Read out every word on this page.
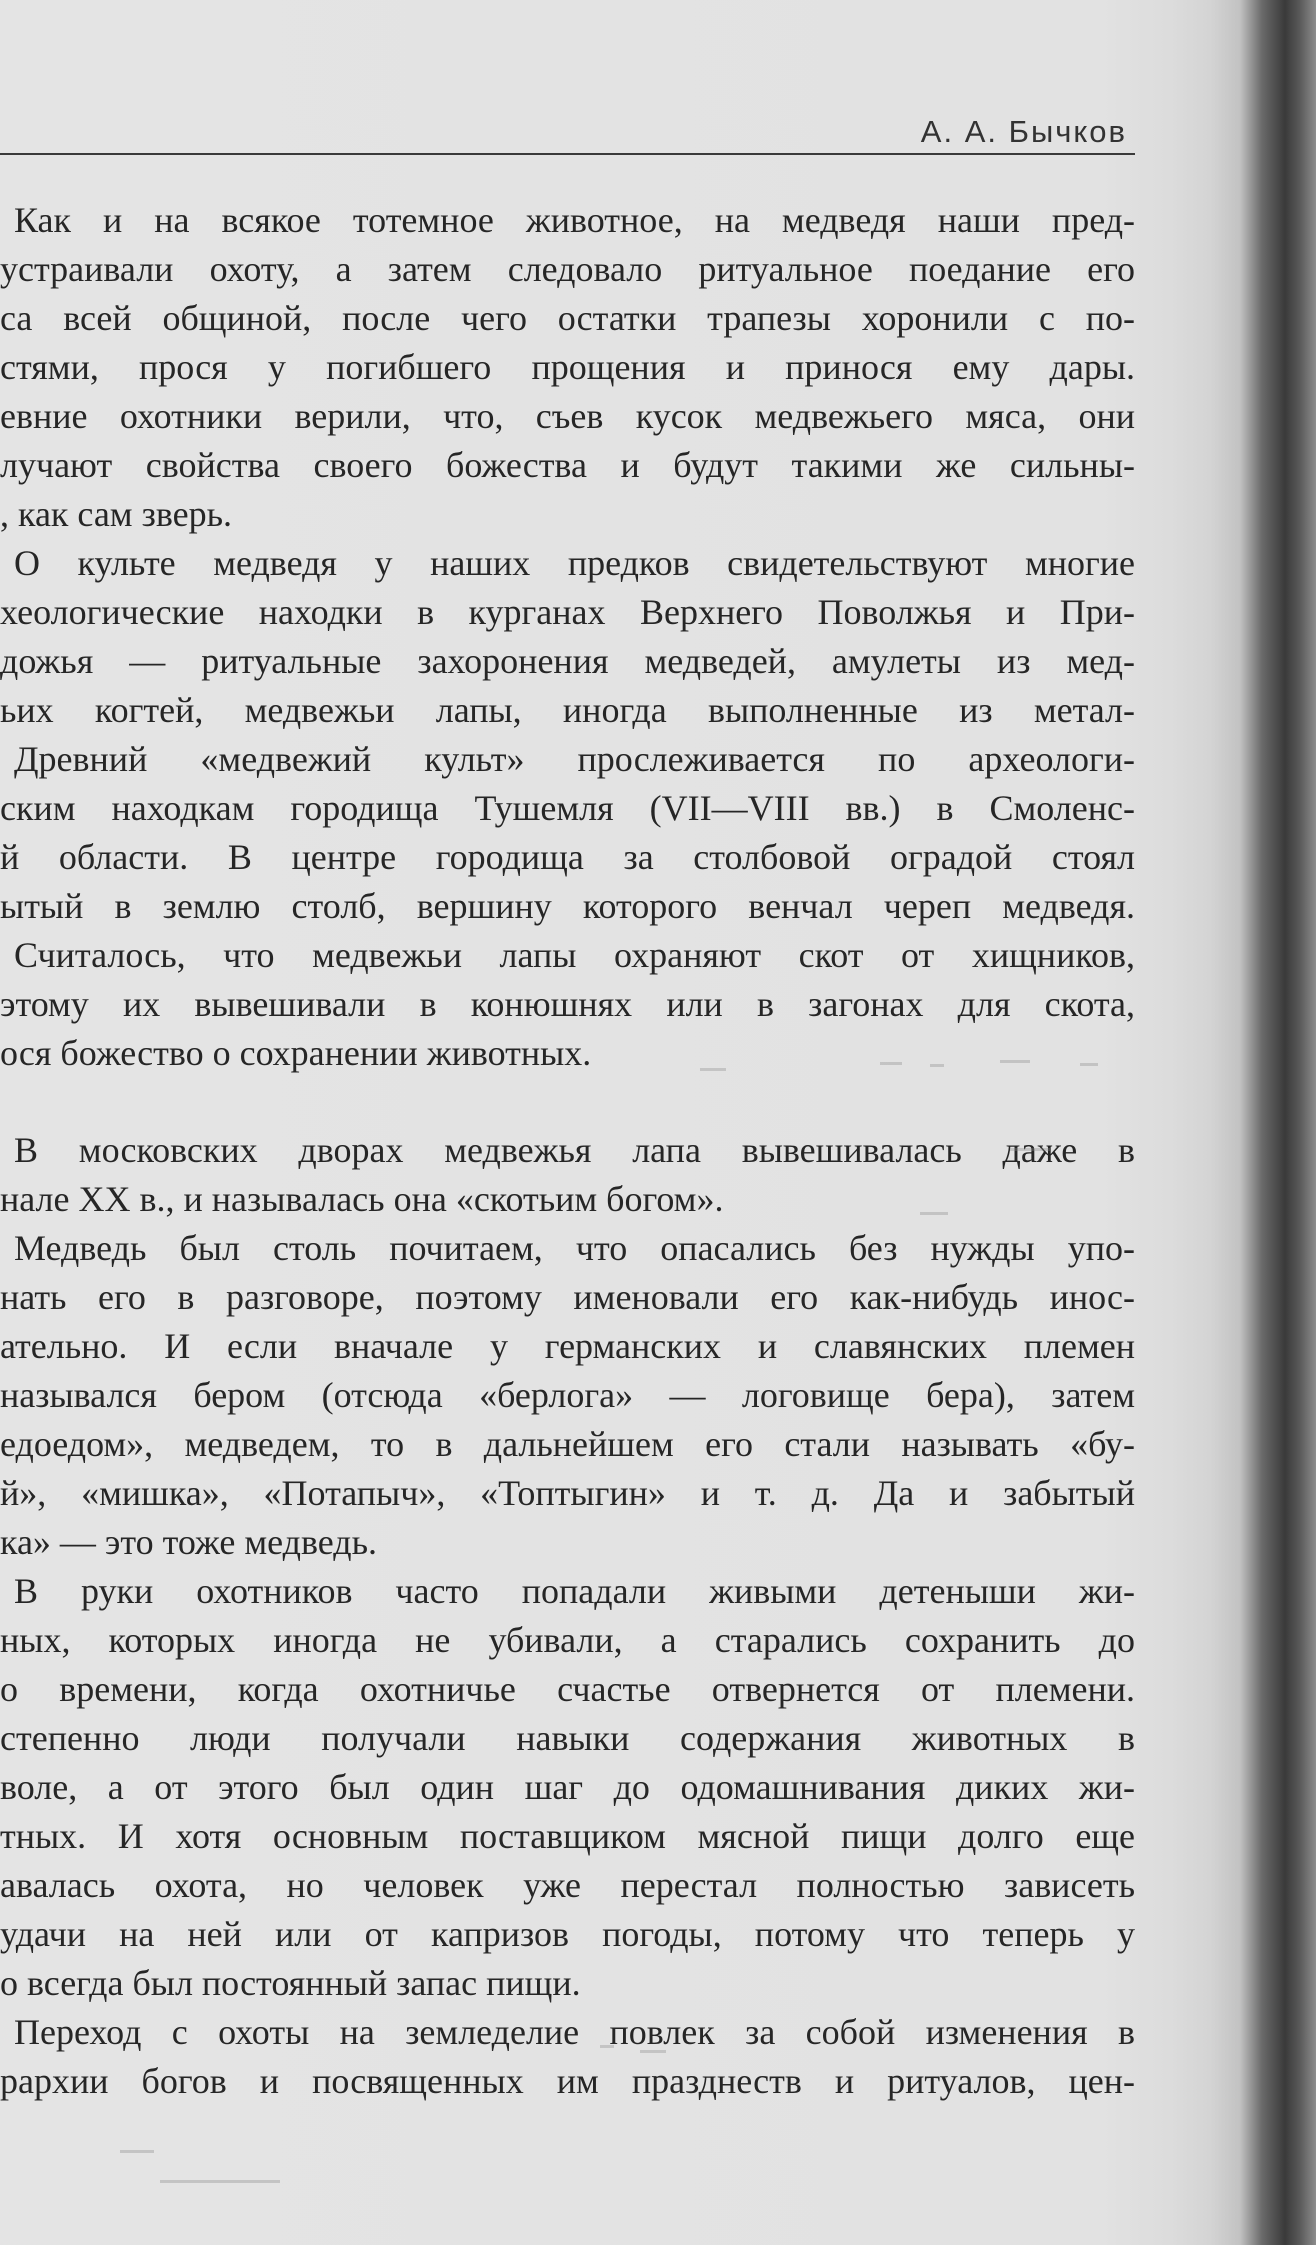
А. А. Бычков
Как и на всякое тотемное животное, на медведя наши пред-
устраивали охоту, а затем следовало ритуальное поедание его
са всей общиной, после чего остатки трапезы хоронили с по-
стями, прося у погибшего прощения и принося ему дары.
евние охотники верили, что, съев кусок медвежьего мяса, они
лучают свойства своего божества и будут такими же сильны-
, как сам зверь.
О культе медведя у наших предков свидетельствуют многие
хеологические находки в курганах Верхнего Поволжья и При-
дожья — ритуальные захоронения медведей, амулеты из мед-
ьих когтей, медвежьи лапы, иногда выполненные из метал-
Древний «медвежий культ» прослеживается по археологи-
ским находкам городища Тушемля (VII—VIII вв.) в Смоленс-
й области. В центре городища за столбовой оградой стоял
ытый в землю столб, вершину которого венчал череп медведя.
Считалось, что медвежьи лапы охраняют скот от хищников,
этому их вывешивали в конюшнях или в загонах для скота,
ося божество о сохранении животных.
В московских дворах медвежья лапа вывешивалась даже в
нале XX в., и называлась она «скотьим богом».
Медведь был столь почитаем, что опасались без нужды упо-
нать его в разговоре, поэтому именовали его как-нибудь инос-
ательно. И если вначале у германских и славянских племен
назывался бером (отсюда «берлога» — логовище бера), затем
едоедом», медведем, то в дальнейшем его стали называть «бу-
й», «мишка», «Потапыч», «Топтыгин» и т. д. Да и забытый
ка» — это тоже медведь.
В руки охотников часто попадали живыми детеныши жи-
ных, которых иногда не убивали, а старались сохранить до
о времени, когда охотничье счастье отвернется от племени.
степенно люди получали навыки содержания животных в
воле, а от этого был один шаг до одомашнивания диких жи-
тных. И хотя основным поставщиком мясной пищи долго еще
авалась охота, но человек уже перестал полностью зависеть
удачи на ней или от капризов погоды, потому что теперь у
о всегда был постоянный запас пищи.
Переход с охоты на земледелие повлек за собой изменения в
рархии богов и посвященных им празднеств и ритуалов, цен-
